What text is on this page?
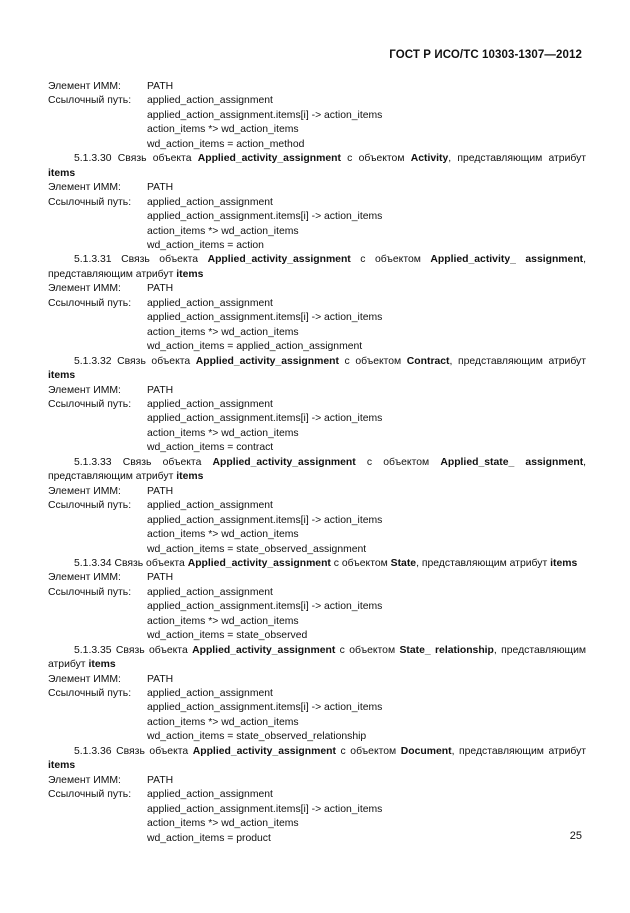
ГОСТ Р ИСО/ТС 10303-1307—2012
Элемент ИММ:	PATH
Ссылочный путь:	applied_action_assignment
applied_action_assignment.items[i] -> action_items
action_items *> wd_action_items
wd_action_items = action_method
5.1.3.30 Связь объекта Applied_activity_assignment с объектом Activity, представляющим атрибут items
Элемент ИММ:	PATH
Ссылочный путь:	applied_action_assignment
applied_action_assignment.items[i] -> action_items
action_items *> wd_action_items
wd_action_items = action
5.1.3.31 Связь объекта Applied_activity_assignment с объектом Applied_activity_ assignment, представляющим атрибут items
Элемент ИММ:	PATH
Ссылочный путь:	applied_action_assignment
applied_action_assignment.items[i] -> action_items
action_items *> wd_action_items
wd_action_items = applied_action_assignment
5.1.3.32 Связь объекта Applied_activity_assignment с объектом Contract, представляющим атрибут items
Элемент ИММ:	PATH
Ссылочный путь:	applied_action_assignment
applied_action_assignment.items[i] -> action_items
action_items *> wd_action_items
wd_action_items = contract
5.1.3.33 Связь объекта Applied_activity_assignment с объектом Applied_state_ assignment, представляющим атрибут items
Элемент ИММ:	PATH
Ссылочный путь:	applied_action_assignment
applied_action_assignment.items[i] -> action_items
action_items *> wd_action_items
wd_action_items = state_observed_assignment
5.1.3.34 Связь объекта Applied_activity_assignment с объектом State, представляющим атрибут items
Элемент ИММ:	PATH
Ссылочный путь:	applied_action_assignment
applied_action_assignment.items[i] -> action_items
action_items *> wd_action_items
wd_action_items = state_observed
5.1.3.35 Связь объекта Applied_activity_assignment с объектом State_ relationship, представляющим атрибут items
Элемент ИММ:	PATH
Ссылочный путь:	applied_action_assignment
applied_action_assignment.items[i] -> action_items
action_items *> wd_action_items
wd_action_items = state_observed_relationship
5.1.3.36 Связь объекта Applied_activity_assignment с объектом Document, представляющим атрибут items
Элемент ИММ:	PATH
Ссылочный путь:	applied_action_assignment
applied_action_assignment.items[i] -> action_items
action_items *> wd_action_items
wd_action_items = product	25
